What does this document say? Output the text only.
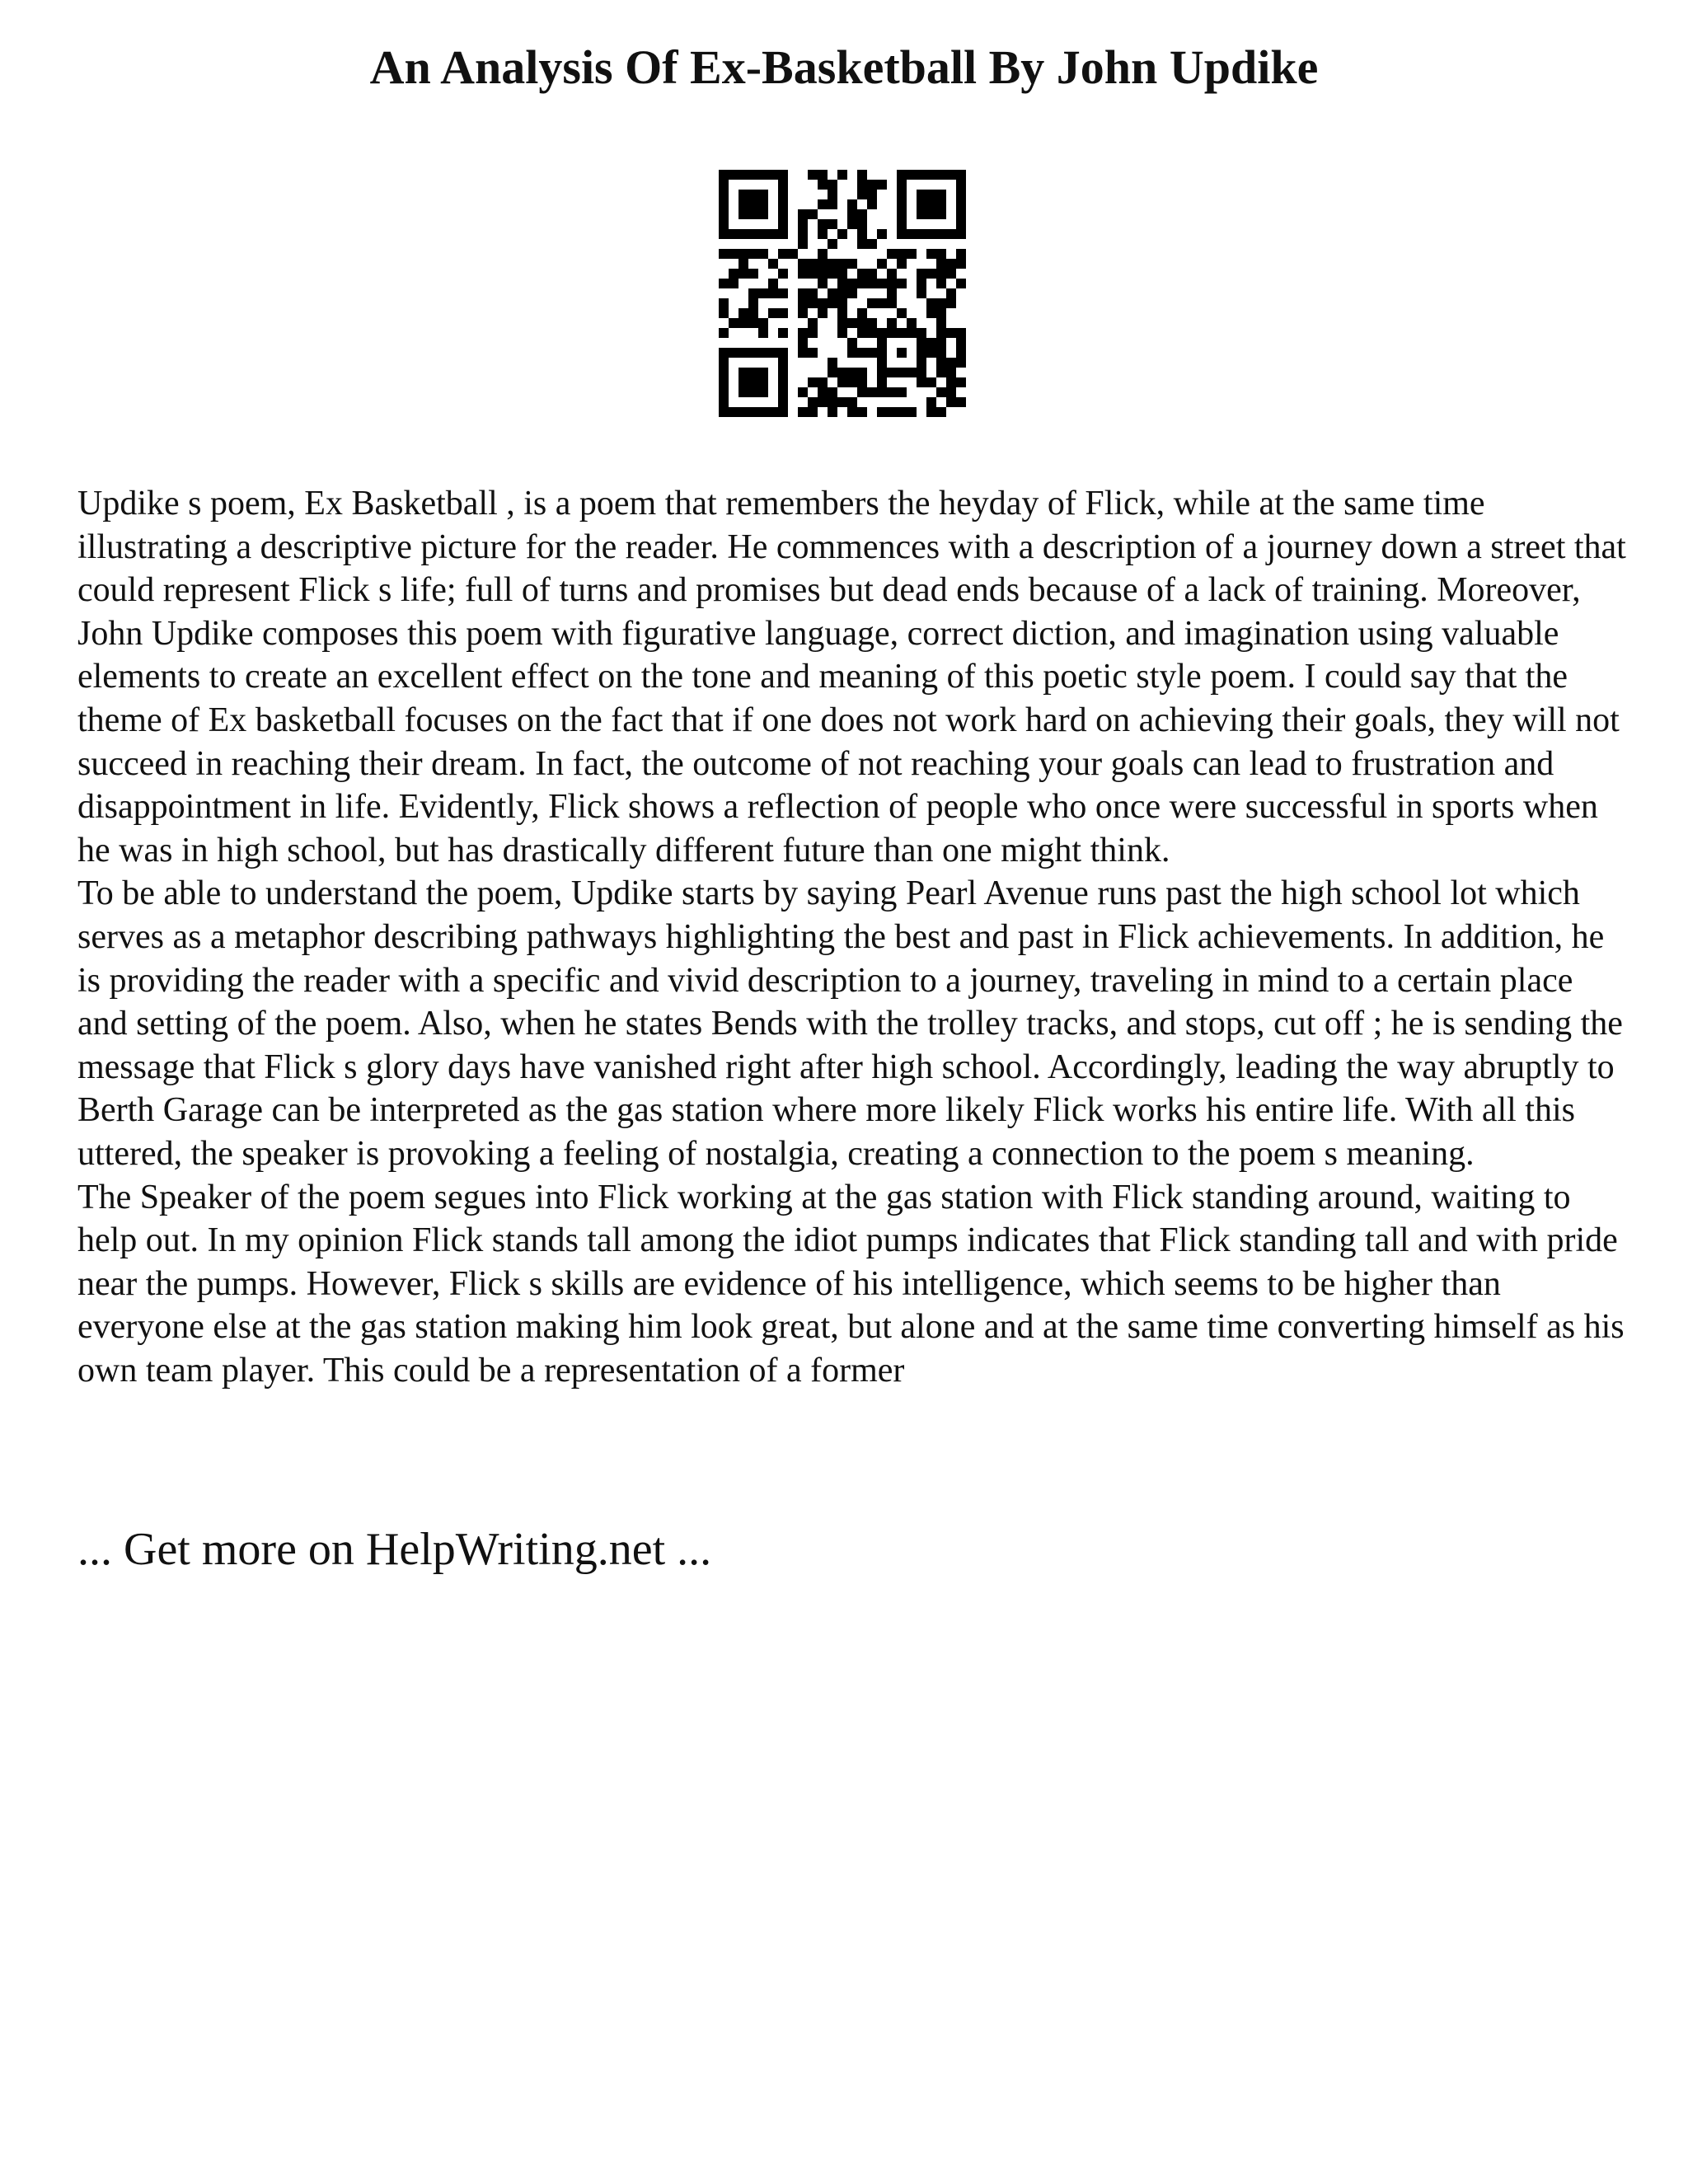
An Analysis Of Ex-Basketball By John Updike

Updike s poem, Ex Basketball , is a poem that remembers the heyday of Flick, while at the same time illustrating a descriptive picture for the reader. He commences with a description of a journey down a street that could represent Flick s life; full of turns and promises but dead ends because of a lack of training. Moreover, John Updike composes this poem with figurative language, correct diction, and imagination using valuable elements to create an excellent effect on the tone and meaning of this poetic style poem. I could say that the theme of Ex basketball focuses on the fact that if one does not work hard on achieving their goals, they will not succeed in reaching their dream. In fact, the outcome of not reaching your goals can lead to frustration and disappointment in life. Evidently, Flick shows a reflection of people who once were successful in sports when he was in high school, but has drastically different future than one might think.

To be able to understand the poem, Updike starts by saying Pearl Avenue runs past the high school lot which serves as a metaphor describing pathways highlighting the best and past in Flick achievements. In addition, he is providing the reader with a specific and vivid description to a journey, traveling in mind to a certain place and setting of the poem. Also, when he states Bends with the trolley tracks, and stops, cut off ; he is sending the message that Flick s glory days have vanished right after high school. Accordingly, leading the way abruptly to Berth Garage can be interpreted as the gas station where more likely Flick works his entire life. With all this uttered, the speaker is provoking a feeling of nostalgia, creating a connection to the poem s meaning.

The Speaker of the poem segues into Flick working at the gas station with Flick standing around, waiting to help out. In my opinion Flick stands tall among the idiot pumps indicates that Flick standing tall and with pride near the pumps. However, Flick s skills are evidence of his intelligence, which seems to be higher than everyone else at the gas station making him look great, but alone and at the same time converting himself as his own team player. This could be a representation of a former

... Get more on HelpWriting.net ...
